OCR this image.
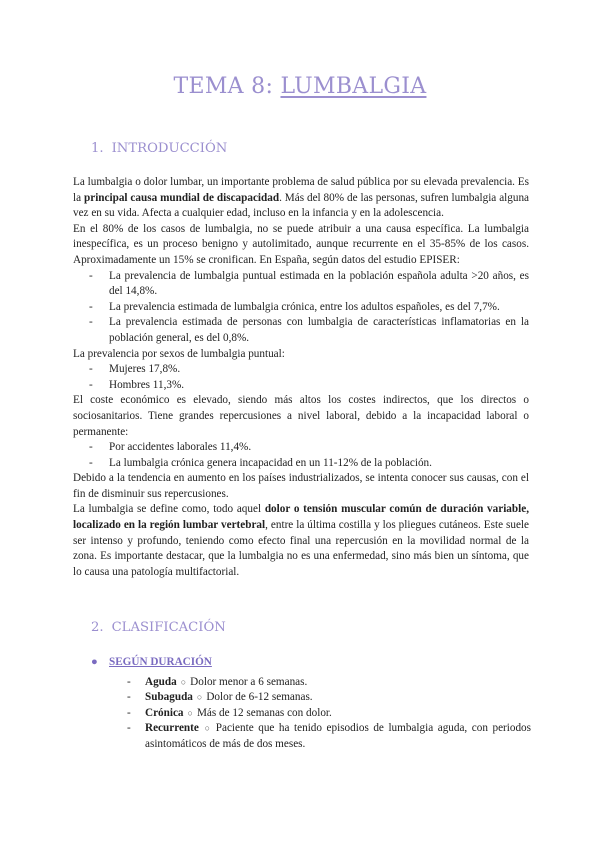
TEMA 8: LUMBALGIA
1. INTRODUCCIÓN

La lumbalgia o dolor lumbar, un importante problema de salud pública por su elevada prevalencia. Es la principal causa mundial de discapacidad. Más del 80% de las personas, sufren lumbalgia alguna vez en su vida. Afecta a cualquier edad, incluso en la infancia y en la adolescencia.

En el 80% de los casos de lumbalgia, no se puede atribuir a una causa específica. La lumbalgia inespecífica, es un proceso benigno y autolimitado, aunque recurrente en el 35-85% de los casos. Aproximadamente un 15% se cronifican. En España, según datos del estudio EPISER:

- La prevalencia de lumbalgia puntual estimada en la población española adulta >20 años, es del 14,8%.

- La prevalencia estimada de lumbalgia crónica, entre los adultos españoles, es del 7,7%.

- La prevalencia estimada de personas con lumbalgia de características inflamatorias en la población general, es del 0,8%.

La prevalencia por sexos de lumbalgia puntual:

- Mujeres 17,8%.

- Hombres 11,3%.

El coste económico es elevado, siendo más altos los costes indirectos, que los directos o sociosanitarios. Tiene grandes repercusiones a nivel laboral, debido a la incapacidad laboral o permanente:

- Por accidentes laborales 11,4%.

- La lumbalgia crónica genera incapacidad en un 11-12% de la población.

Debido a la tendencia en aumento en los países industrializados, se intenta conocer sus causas, con el fin de disminuir sus repercusiones.

La lumbalgia se define como, todo aquel dolor o tensión muscular común de duración variable, localizado en la región lumbar vertebral, entre la última costilla y los pliegues cutáneos. Este suele ser intenso y profundo, teniendo como efecto final una repercusión en la movilidad normal de la zona. Es importante destacar, que la lumbalgia no es una enfermedad, sino más bien un síntoma, que lo causa una patología multifactorial.

2. CLASIFICACIÓN
● SEGÚN DURACIÓN
- Aguda ○ Dolor menor a 6 semanas.
- Subaguda ○ Dolor de 6-12 semanas.
- Crónica ○ Más de 12 semanas con dolor.
- Recurrente ○ Paciente que ha tenido episodios de lumbalgia aguda, con periodos asintomáticos de más de dos meses.
